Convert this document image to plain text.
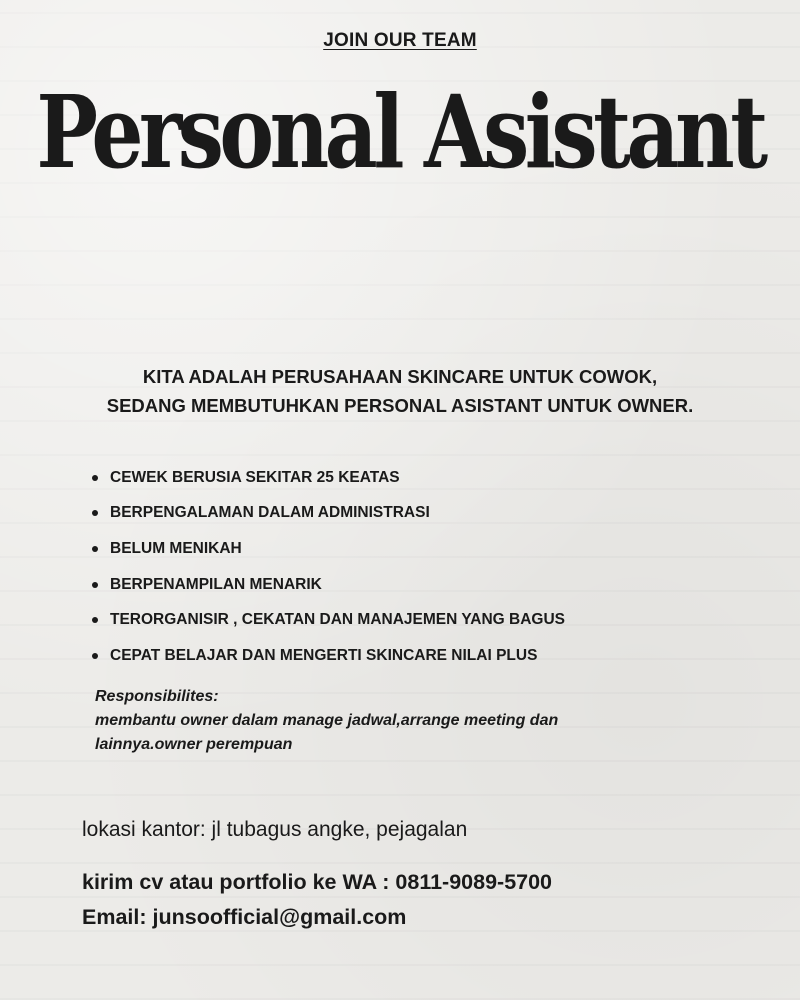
JOIN OUR TEAM
Personal Asistant
KITA ADALAH PERUSAHAAN SKINCARE UNTUK COWOK,
SEDANG MEMBUTUHKAN PERSONAL ASISTANT UNTUK OWNER.
CEWEK BERUSIA SEKITAR 25 KEATAS
BERPENGALAMAN DALAM ADMINISTRASI
BELUM MENIKAH
BERPENAMPILAN MENARIK
TERORGANISIR , CEKATAN DAN MANAJEMEN YANG BAGUS
CEPAT BELAJAR DAN MENGERTI SKINCARE NILAI PLUS
Responsibilites:
membantu owner dalam manage jadwal,arrange meeting dan
lainnya.owner perempuan
lokasi kantor: jl tubagus angke, pejagalan
kirim cv atau portfolio ke WA : 0811-9089-5700
Email: junsoofficial@gmail.com
